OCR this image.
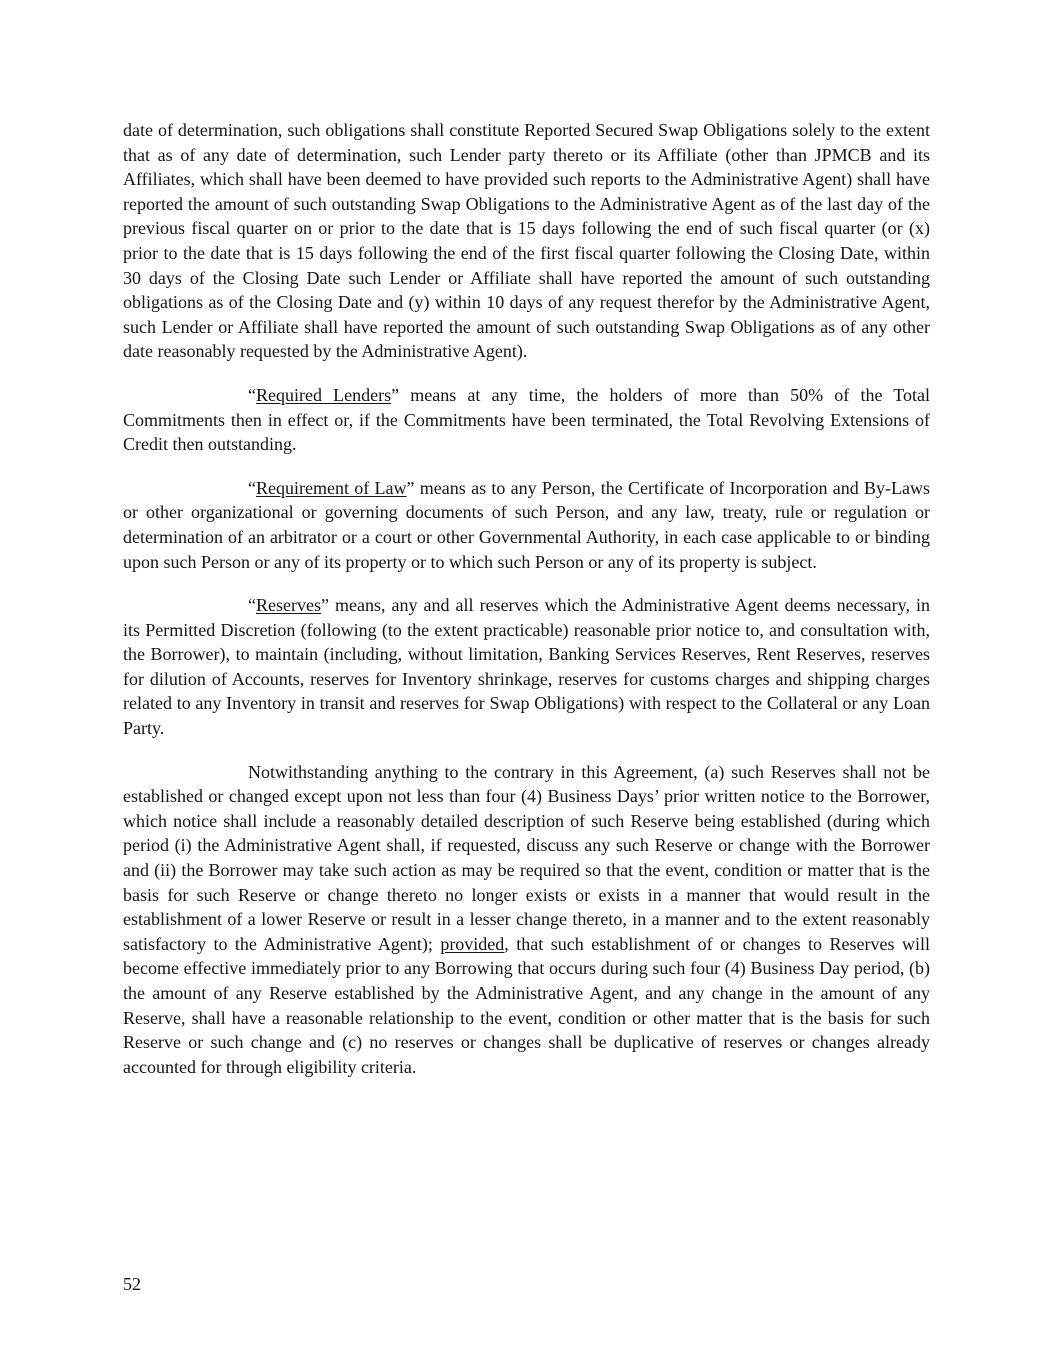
date of determination, such obligations shall constitute Reported Secured Swap Obligations solely to the extent that as of any date of determination, such Lender party thereto or its Affiliate (other than JPMCB and its Affiliates, which shall have been deemed to have provided such reports to the Administrative Agent) shall have reported the amount of such outstanding Swap Obligations to the Administrative Agent as of the last day of the previous fiscal quarter on or prior to the date that is 15 days following the end of such fiscal quarter (or (x) prior to the date that is 15 days following the end of the first fiscal quarter following the Closing Date, within 30 days of the Closing Date such Lender or Affiliate shall have reported the amount of such outstanding obligations as of the Closing Date and (y) within 10 days of any request therefor by the Administrative Agent, such Lender or Affiliate shall have reported the amount of such outstanding Swap Obligations as of any other date reasonably requested by the Administrative Agent).

“Required Lenders” means at any time, the holders of more than 50% of the Total Commitments then in effect or, if the Commitments have been terminated, the Total Revolving Extensions of Credit then outstanding.

“Requirement of Law” means as to any Person, the Certificate of Incorporation and By-Laws or other organizational or governing documents of such Person, and any law, treaty, rule or regulation or determination of an arbitrator or a court or other Governmental Authority, in each case applicable to or binding upon such Person or any of its property or to which such Person or any of its property is subject.

“Reserves” means, any and all reserves which the Administrative Agent deems necessary, in its Permitted Discretion (following (to the extent practicable) reasonable prior notice to, and consultation with, the Borrower), to maintain (including, without limitation, Banking Services Reserves, Rent Reserves, reserves for dilution of Accounts, reserves for Inventory shrinkage, reserves for customs charges and shipping charges related to any Inventory in transit and reserves for Swap Obligations) with respect to the Collateral or any Loan Party.

Notwithstanding anything to the contrary in this Agreement, (a) such Reserves shall not be established or changed except upon not less than four (4) Business Days’ prior written notice to the Borrower, which notice shall include a reasonably detailed description of such Reserve being established (during which period (i) the Administrative Agent shall, if requested, discuss any such Reserve or change with the Borrower and (ii) the Borrower may take such action as may be required so that the event, condition or matter that is the basis for such Reserve or change thereto no longer exists or exists in a manner that would result in the establishment of a lower Reserve or result in a lesser change thereto, in a manner and to the extent reasonably satisfactory to the Administrative Agent); provided, that such establishment of or changes to Reserves will become effective immediately prior to any Borrowing that occurs during such four (4) Business Day period, (b) the amount of any Reserve established by the Administrative Agent, and any change in the amount of any Reserve, shall have a reasonable relationship to the event, condition or other matter that is the basis for such Reserve or such change and (c) no reserves or changes shall be duplicative of reserves or changes already accounted for through eligibility criteria.

52
